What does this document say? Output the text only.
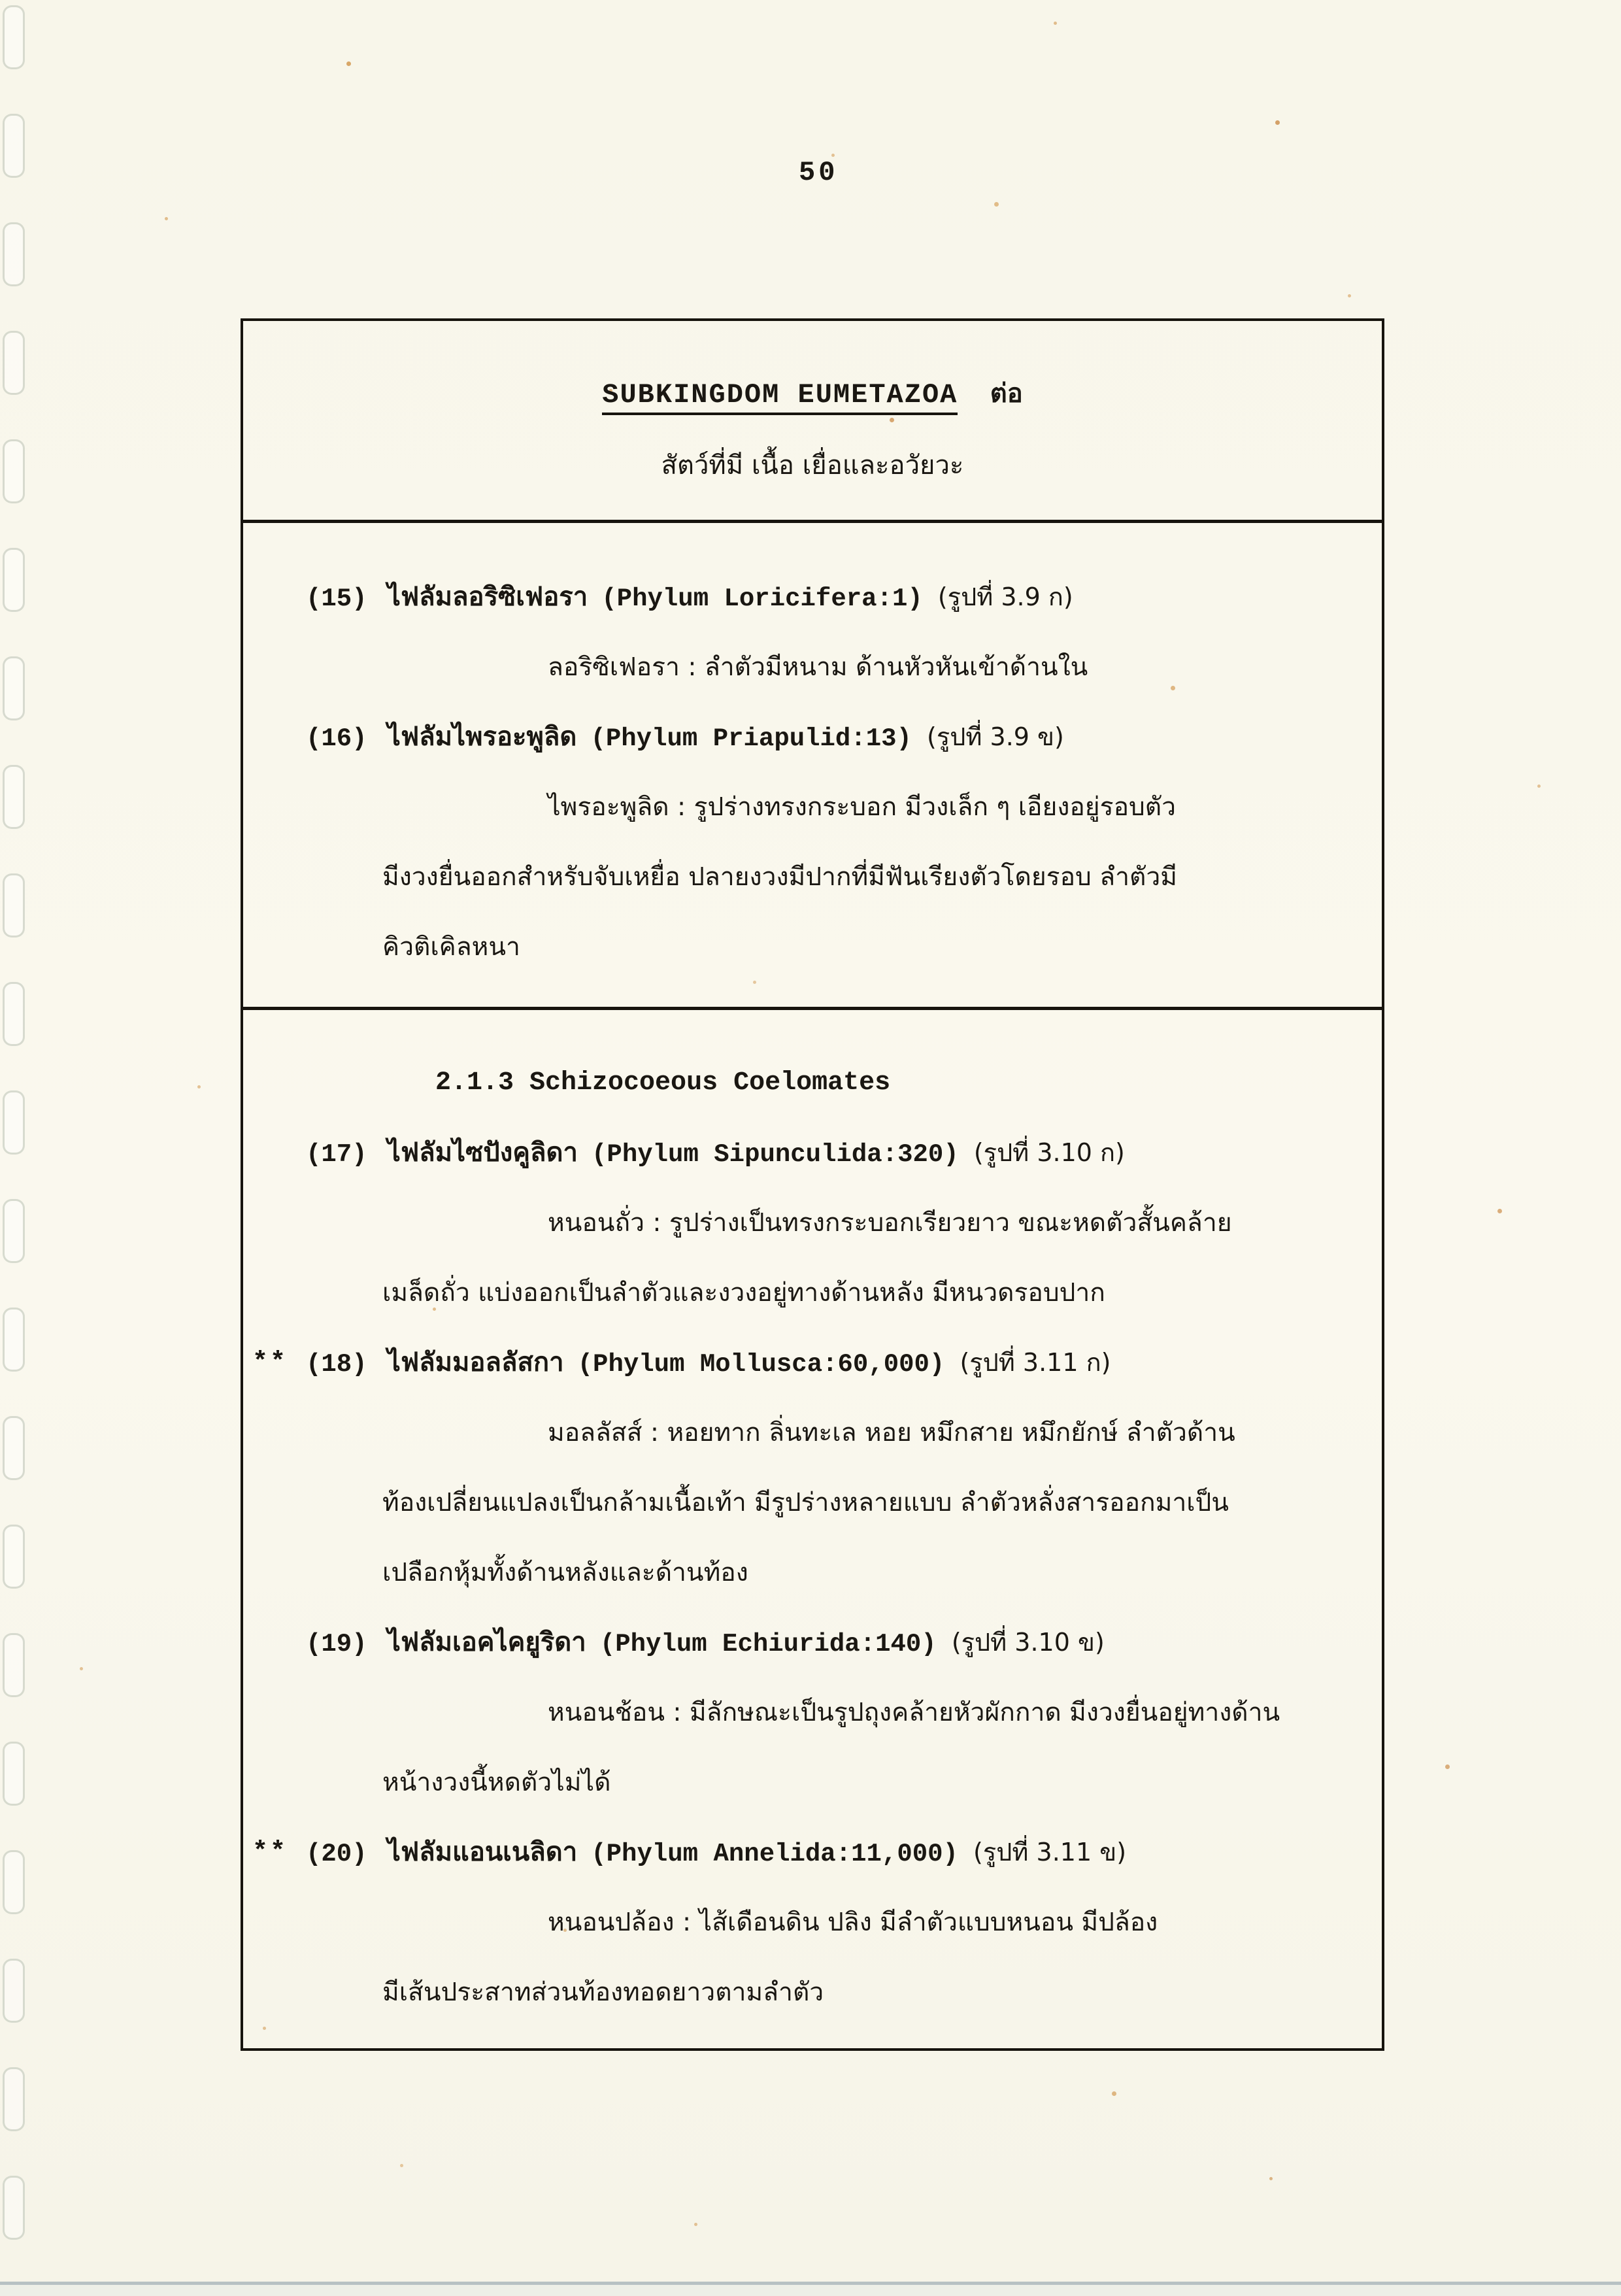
50
SUBKINGDOM EUMETAZOA ต่อ
สัตว์ที่มี เนื้อ เยื่อและอวัยวะ
(15) ไฟลัมลอริซิเฟอรา (Phylum Loricifera:1) (รูปที่ 3.9 ก)
ลอริซิเฟอรา : ลำตัวมีหนาม ด้านหัวหันเข้าด้านใน
(16) ไฟลัมไพรอะพูลิด (Phylum Priapulid:13) (รูปที่ 3.9 ข)
ไพรอะพูลิด : รูปร่างทรงกระบอก มีวงเล็ก ๆ เอียงอยู่รอบตัว
มีงวงยื่นออกสำหรับจับเหยื่อ ปลายงวงมีปากที่มีฟันเรียงตัวโดยรอบ ลำตัวมี
คิวติเคิลหนา
2.1.3 Schizocoeous Coelomates
(17) ไฟลัมไซปังคูลิดา (Phylum Sipunculida:320) (รูปที่ 3.10 ก)
หนอนถั่ว : รูปร่างเป็นทรงกระบอกเรียวยาว ขณะหดตัวสั้นคล้าย
เมล็ดถั่ว แบ่งออกเป็นลำตัวและงวงอยู่ทางด้านหลัง มีหนวดรอบปาก
** (18) ไฟลัมมอลลัสกา (Phylum Mollusca:60,000) (รูปที่ 3.11 ก)
มอลลัสส์ : หอยทาก ลิ่นทะเล หอย หมึกสาย หมึกยักษ์ ลำตัวด้าน
ท้องเปลี่ยนแปลงเป็นกล้ามเนื้อเท้า มีรูปร่างหลายแบบ ลำตัวหลั่งสารออกมาเป็น
เปลือกหุ้มทั้งด้านหลังและด้านท้อง
(19) ไฟลัมเอคไคยูริดา (Phylum Echiurida:140) (รูปที่ 3.10 ข)
หนอนช้อน : มีลักษณะเป็นรูปถุงคล้ายหัวผักกาด มีงวงยื่นอยู่ทางด้าน
หน้างวงนี้หดตัวไม่ได้
** (20) ไฟลัมแอนเนลิดา (Phylum Annelida:11,000) (รูปที่ 3.11 ข)
หนอนปล้อง : ไส้เดือนดิน ปลิง มีลำตัวแบบหนอน มีปล้อง
มีเส้นประสาทส่วนท้องทอดยาวตามลำตัว
